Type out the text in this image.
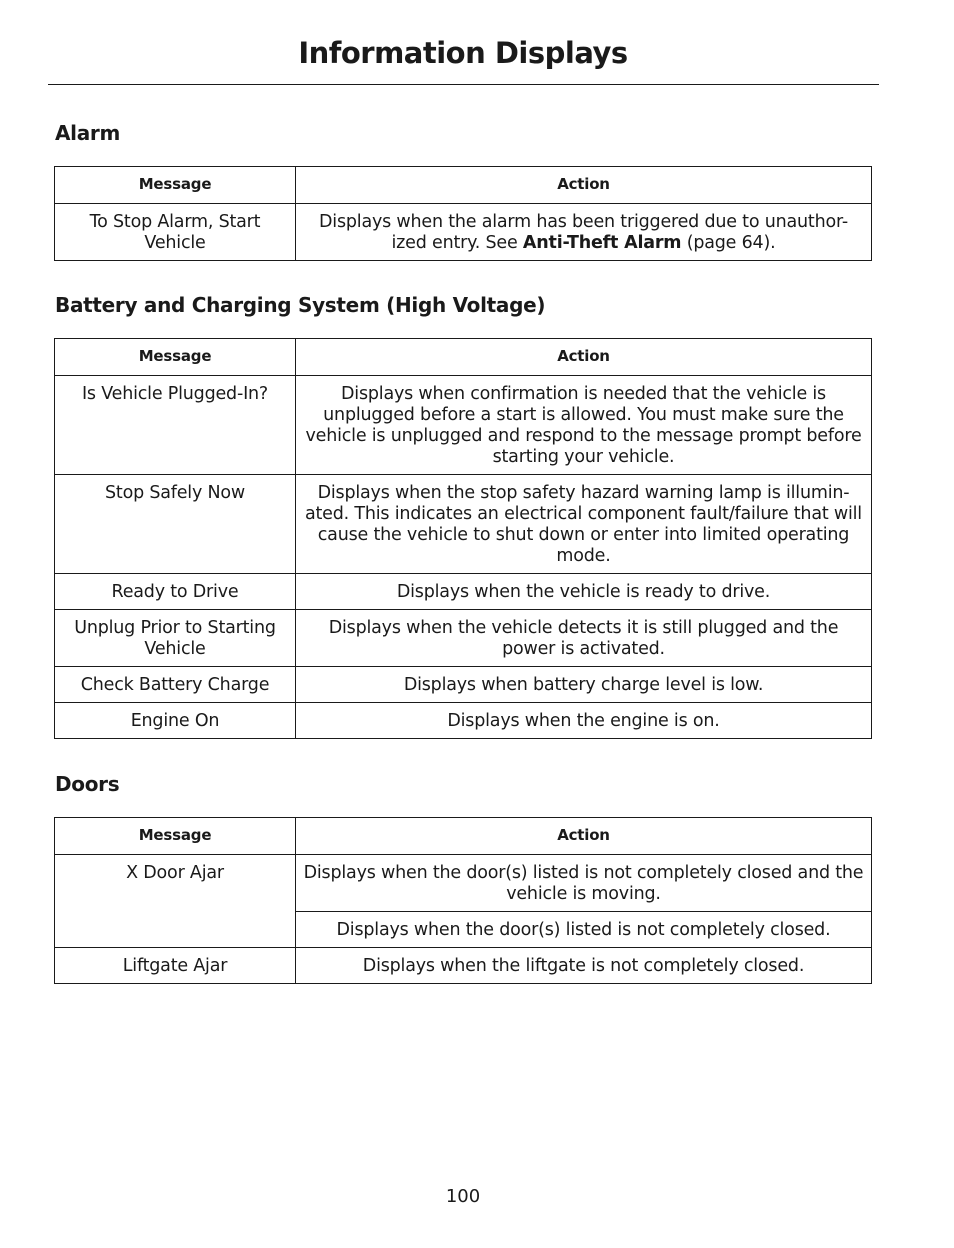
Information Displays
Alarm
Message	Action
To Stop Alarm, Start Vehicle	Displays when the alarm has been triggered due to unauthor-ized entry. See Anti-Theft Alarm (page 64).
Battery and Charging System (High Voltage)
Message	Action
Is Vehicle Plugged-In?	Displays when confirmation is needed that the vehicle is unplugged before a start is allowed. You must make sure the vehicle is unplugged and respond to the message prompt before starting your vehicle.
Stop Safely Now	Displays when the stop safety hazard warning lamp is illumin-ated. This indicates an electrical component fault/failure that will cause the vehicle to shut down or enter into limited operating mode.
Ready to Drive	Displays when the vehicle is ready to drive.
Unplug Prior to Starting Vehicle	Displays when the vehicle detects it is still plugged and the power is activated.
Check Battery Charge	Displays when battery charge level is low.
Engine On	Displays when the engine is on.
Doors
Message	Action
X Door Ajar	Displays when the door(s) listed is not completely closed and the vehicle is moving.
	Displays when the door(s) listed is not completely closed.
Liftgate Ajar	Displays when the liftgate is not completely closed.
100
